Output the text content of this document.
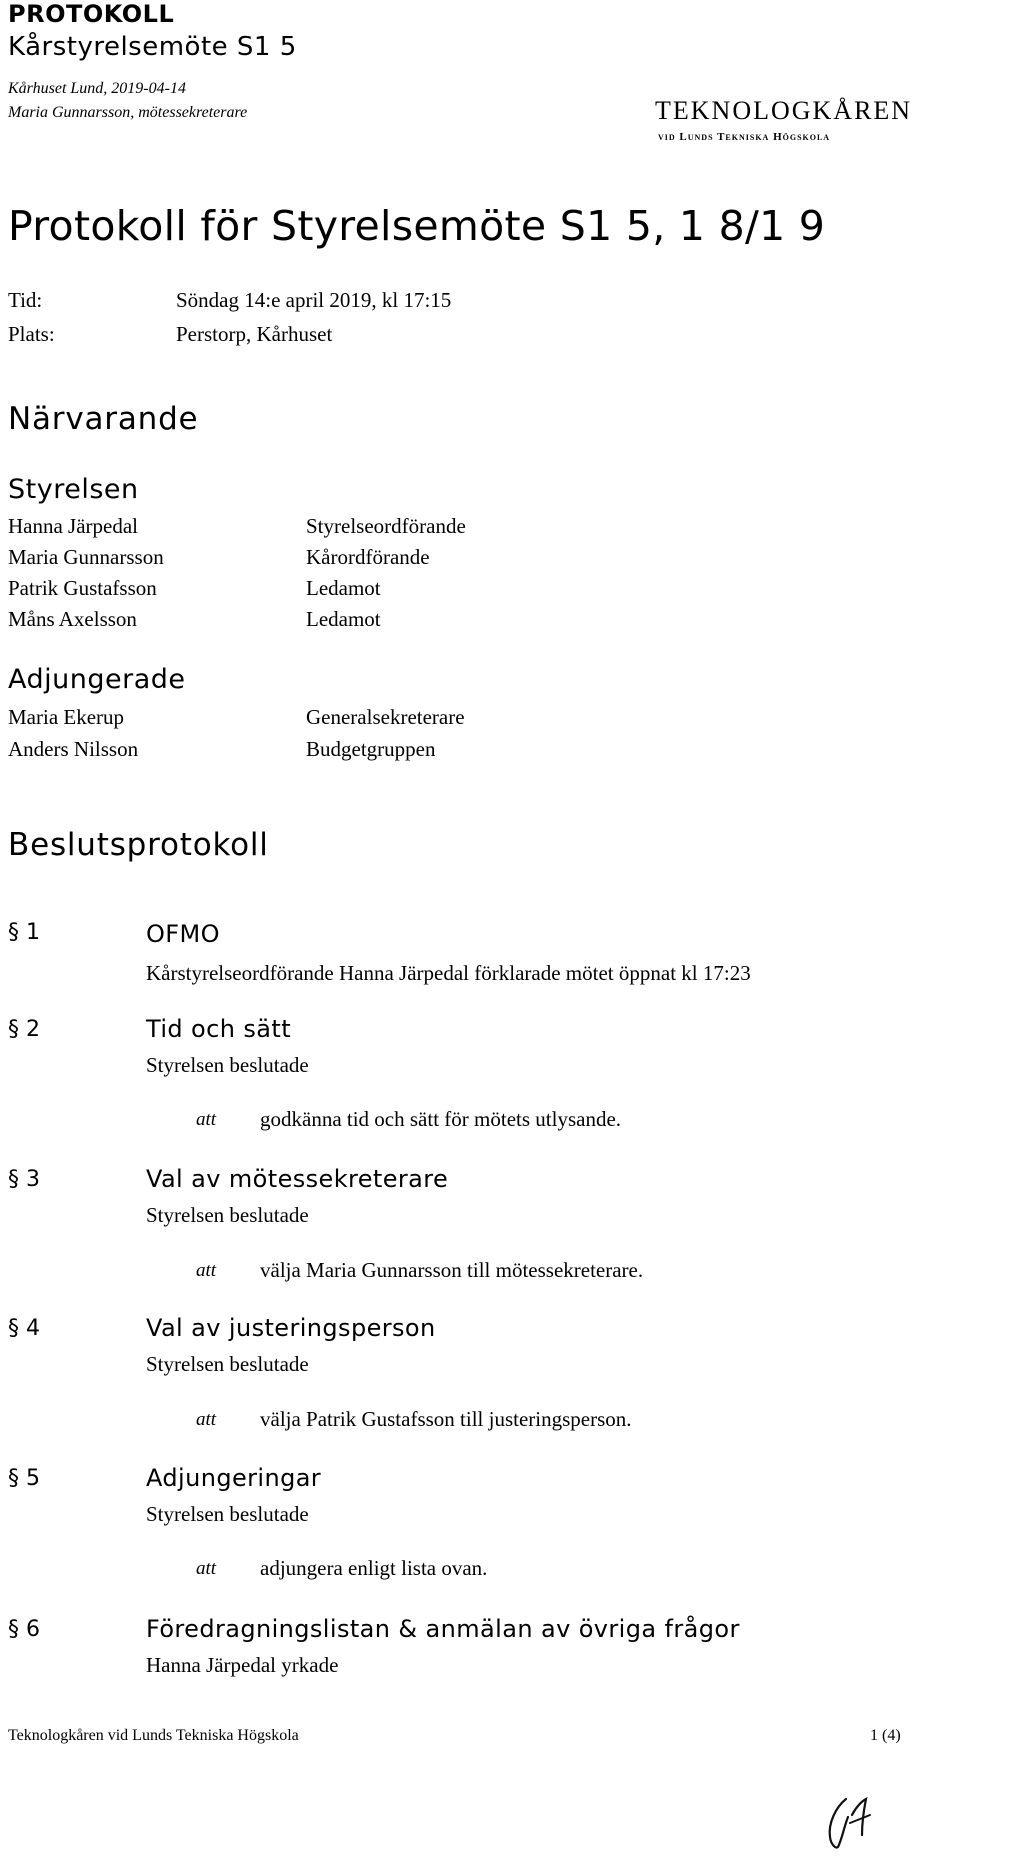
PROTOKOLL
Kårstyrelsemöte S1 5
Kårhuset Lund, 2019-04-14
Maria Gunnarsson, mötessekreterare	TEKNOLOGKÅREN
vid Lunds Tekniska Högskola
Protokoll för Styrelsemöte S1 5, 1 8/1 9
Tid:	Söndag 14:e april 2019, kl 17:15
Plats:	Perstorp, Kårhuset
Närvarande
Styrelsen
Hanna Järpedal	Styrelseordförande
Maria Gunnarsson	Kårordförande
Patrik Gustafsson	Ledamot
Måns Axelsson	Ledamot
Adjungerade
Maria Ekerup	Generalsekreterare
Anders Nilsson	Budgetgruppen
Beslutsprotokoll
§ 1	OFMO
Kårstyrelseordförande Hanna Järpedal förklarade mötet öppnat kl 17:23
§ 2	Tid och sätt
Styrelsen beslutade
att godkänna tid och sätt för mötets utlysande.
§ 3	Val av mötessekreterare
Styrelsen beslutade
att välja Maria Gunnarsson till mötessekreterare.
§ 4	Val av justeringsperson
Styrelsen beslutade
att välja Patrik Gustafsson till justeringsperson.
§ 5	Adjungeringar
Styrelsen beslutade
att adjungera enligt lista ovan.
§ 6	Föredragningslistan & anmälan av övriga frågor
Hanna Järpedal yrkade
Teknologkåren vid Lunds Tekniska Högskola	1 (4)
